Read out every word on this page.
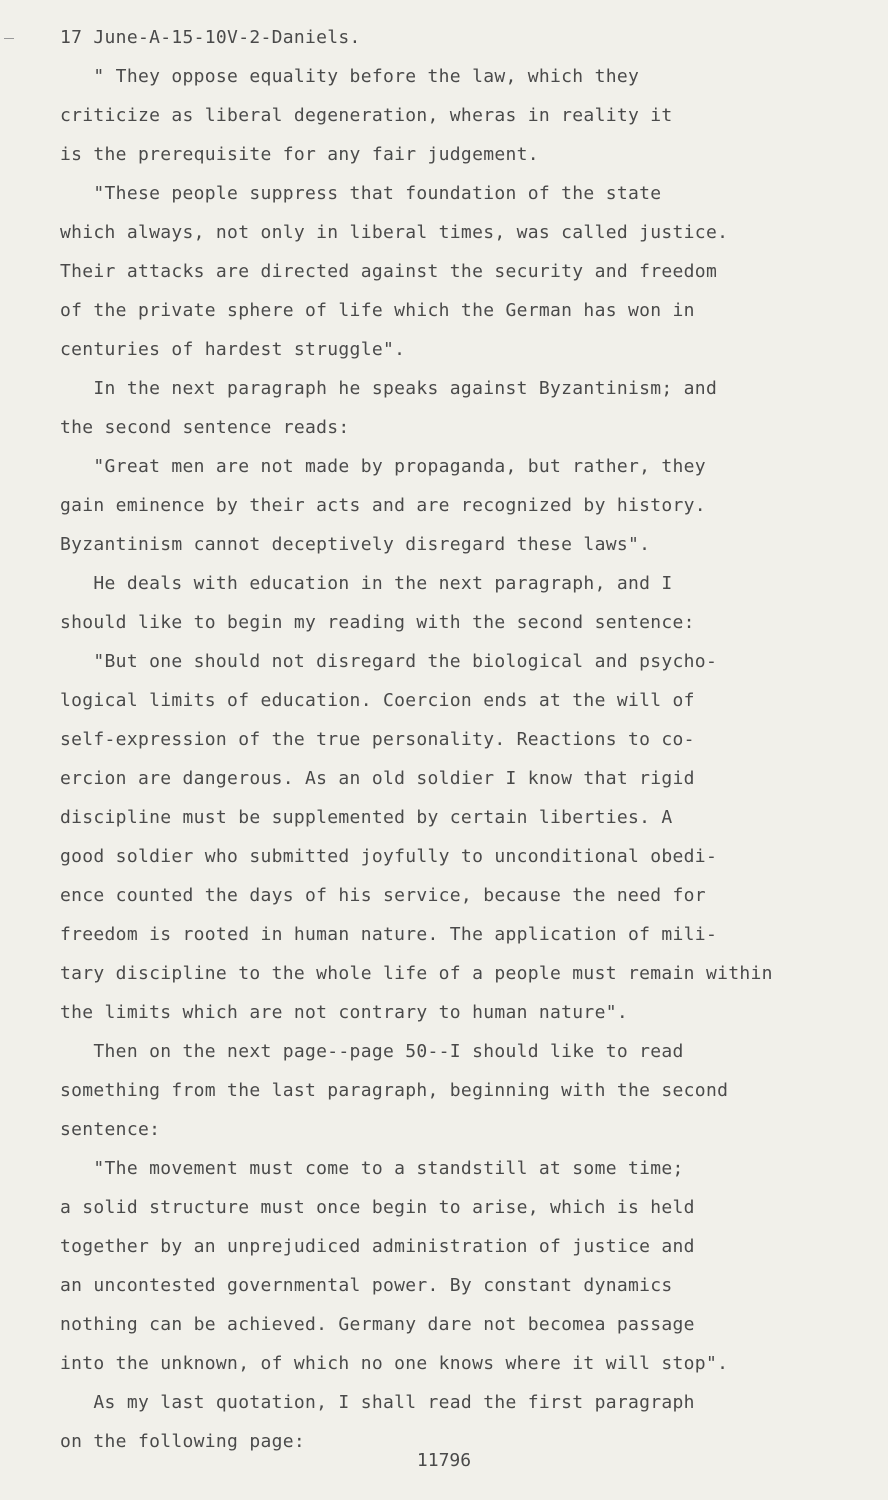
17 June-A-15-10V-2-Daniels.
" They oppose equality before the law, which they
criticize as liberal degeneration, wheras in reality it
is the prerequisite for any fair judgement.
"These people suppress that foundation of the state
which always, not only in liberal times, was called justice.
Their attacks are directed against the security and freedom
of the private sphere of life which the German has won in
centuries of hardest struggle".
In the next paragraph he speaks against Byzantinism; and
the second sentence reads:
"Great men are not made by propaganda, but rather, they
gain eminence by their acts and are recognized by history.
Byzantinism cannot deceptively disregard these laws".
He deals with education in the next paragraph, and I
should like to begin my reading with the second sentence:
"But one should not disregard the biological and psycho-
logical limits of education. Coercion ends at the will of
self-expression of the true personality. Reactions to co-
ercion are dangerous. As an old soldier I know that rigid
discipline must be supplemented by certain liberties. A
good soldier who submitted joyfully to unconditional obedi-
ence counted the days of his service, because the need for
freedom is rooted in human nature. The application of mili-
tary discipline to the whole life of a people must remain within
the limits which are not contrary to human nature".
Then on the next page--page 50--I should like to read
something from the last paragraph, beginning with the second
sentence:
"The movement must come to a standstill at some time;
a solid structure must once begin to arise, which is held
together by an unprejudiced administration of justice and
an uncontested governmental power. By constant dynamics
nothing can be achieved. Germany dare not becomea passage
into the unknown, of which no one knows where it will stop".
As my last quotation, I shall read the first paragraph
on the following page:
11796
